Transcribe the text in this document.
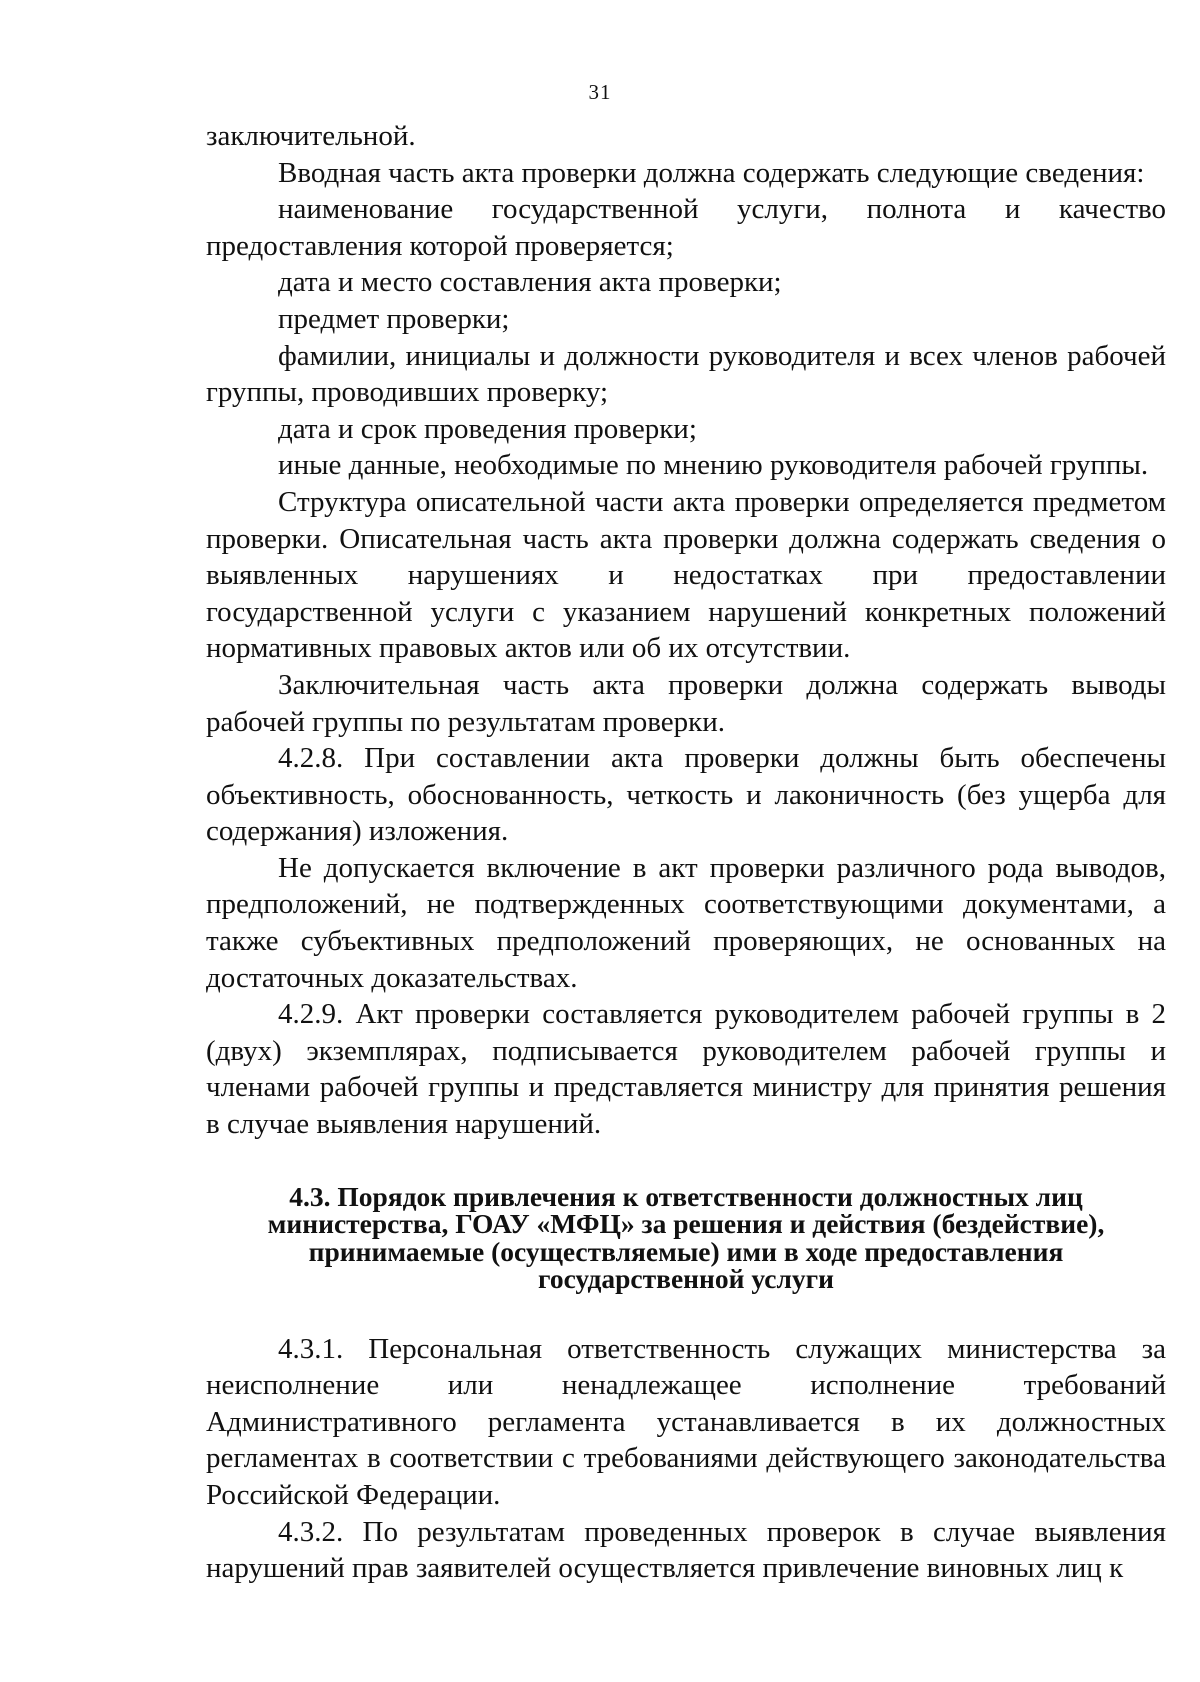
31

заключительной.

Вводная часть акта проверки должна содержать следующие сведения:

наименование государственной услуги, полнота и качество предоставления которой проверяется;

дата и место составления акта проверки;

предмет проверки;

фамилии, инициалы и должности руководителя и всех членов рабочей группы, проводивших проверку;

дата и срок проведения проверки;

иные данные, необходимые по мнению руководителя рабочей группы.

Структура описательной части акта проверки определяется предметом проверки. Описательная часть акта проверки должна содержать сведения о выявленных нарушениях и недостатках при предоставлении государственной услуги с указанием нарушений конкретных положений нормативных правовых актов или об их отсутствии.

Заключительная часть акта проверки должна содержать выводы рабочей группы по результатам проверки.

4.2.8. При составлении акта проверки должны быть обеспечены объективность, обоснованность, четкость и лаконичность (без ущерба для содержания) изложения.

Не допускается включение в акт проверки различного рода выводов, предположений, не подтвержденных соответствующими документами, а также субъективных предположений проверяющих, не основанных на достаточных доказательствах.

4.2.9. Акт проверки составляется руководителем рабочей группы в 2 (двух) экземплярах, подписывается руководителем рабочей группы и членами рабочей группы и представляется министру для принятия решения в случае выявления нарушений.

4.3. Порядок привлечения к ответственности должностных лиц министерства, ГОАУ «МФЦ» за решения и действия (бездействие), принимаемые (осуществляемые) ими в ходе предоставления государственной услуги

4.3.1. Персональная ответственность служащих министерства за неисполнение или ненадлежащее исполнение требований Административного регламента устанавливается в их должностных регламентах в соответствии с требованиями действующего законодательства Российской Федерации.

4.3.2. По результатам проведенных проверок в случае выявления нарушений прав заявителей осуществляется привлечение виновных лиц к
